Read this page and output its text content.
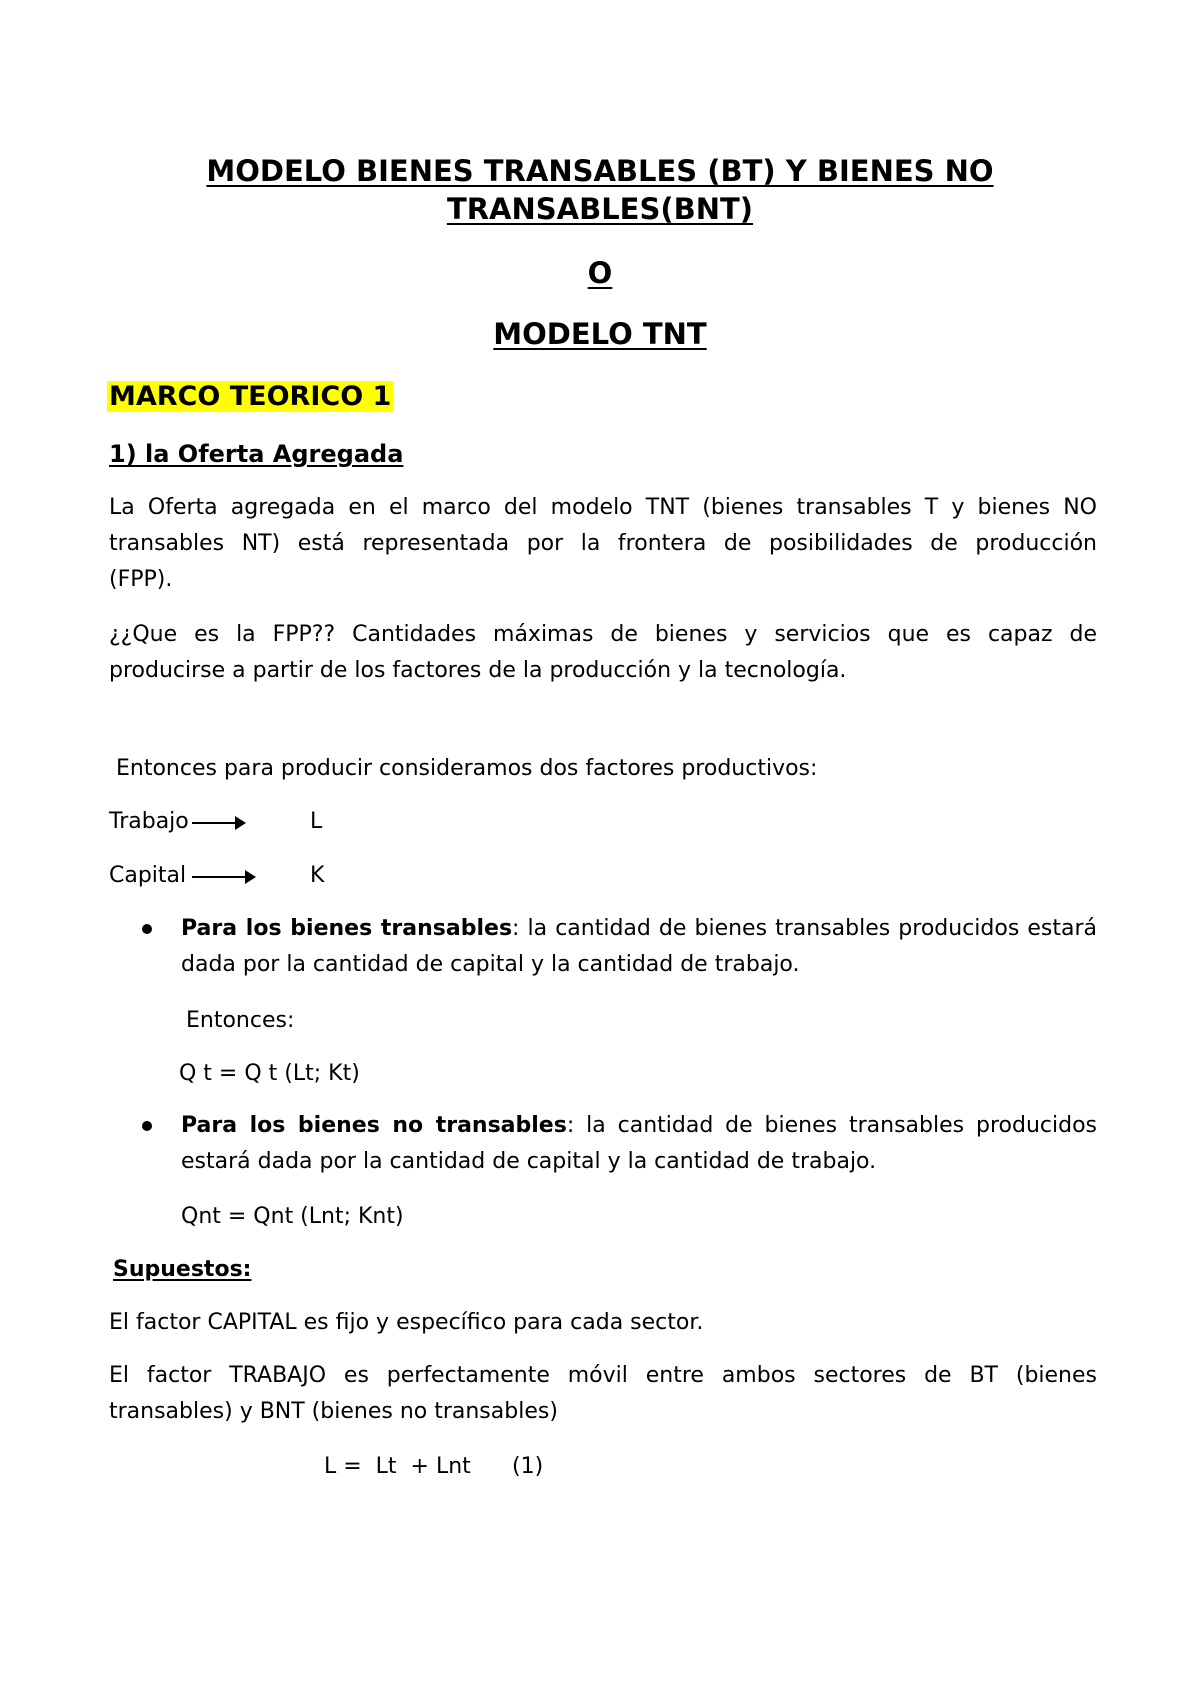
MODELO BIENES TRANSABLES (BT) Y BIENES NO
TRANSABLES(BNT)
O
MODELO TNT
MARCO TEORICO 1
1) la Oferta Agregada
La Oferta agregada en el marco del modelo TNT (bienes transables T y bienes NO
transables NT) está representada por la frontera de posibilidades de producción
(FPP).
¿¿Que es la FPP?? Cantidades máximas de bienes y servicios que es capaz de
producirse a partir de los factores de la producción y la tecnología.
Entonces para producir consideramos dos factores productivos:
Trabajo	L
Capital	K
Para los bienes transables: la cantidad de bienes transables producidos estará
dada por la cantidad de capital y la cantidad de trabajo.
Entonces:
Q t = Q t (Lt; Kt)
Para los bienes no transables: la cantidad de bienes transables producidos
estará dada por la cantidad de capital y la cantidad de trabajo.
Qnt = Qnt (Lnt; Knt)
Supuestos:
El factor CAPITAL es fijo y específico para cada sector.
El factor TRABAJO es perfectamente móvil entre ambos sectores de BT (bienes
transables) y BNT (bienes no transables)
L =  Lt  + Lnt (1)
